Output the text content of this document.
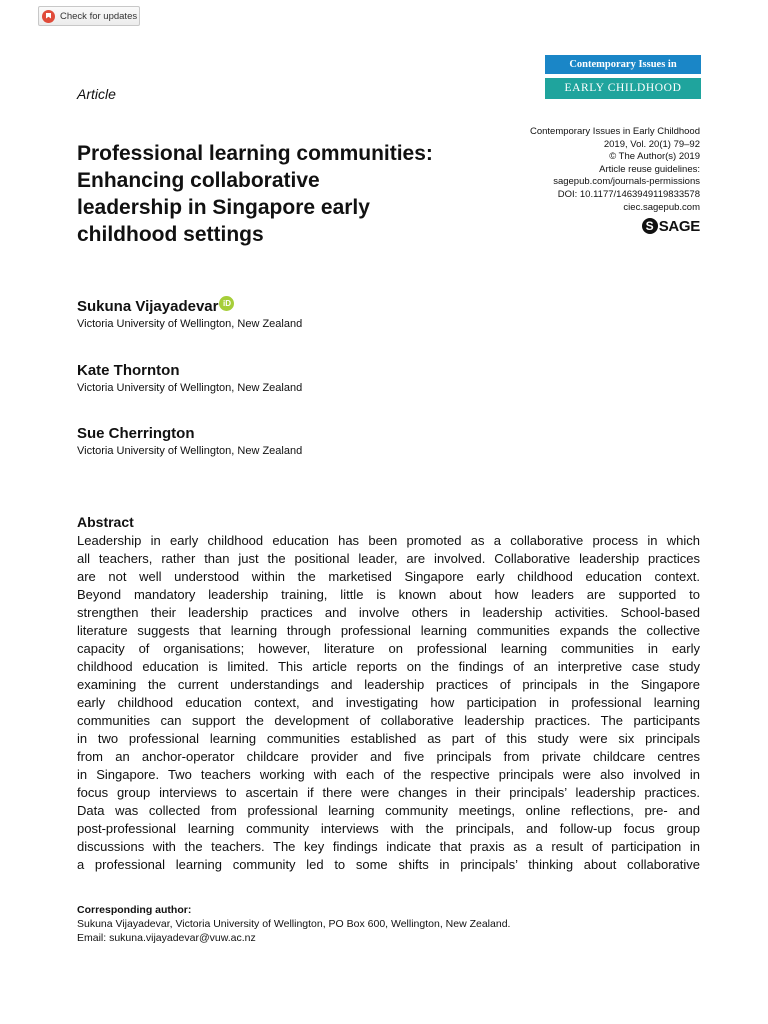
Check for updates
Contemporary Issues in
EARLY CHILDHOOD
Article
Contemporary Issues in Early Childhood
2019, Vol. 20(1) 79–92
© The Author(s) 2019
Article reuse guidelines:
sagepub.com/journals-permissions
DOI: 10.1177/1463949119833578
ciec.sagepub.com
S SAGE
Professional learning communities:
Enhancing collaborative
leadership in Singapore early
childhood settings
Sukuna Vijayadevar iD
Victoria University of Wellington, New Zealand
Kate Thornton
Victoria University of Wellington, New Zealand
Sue Cherrington
Victoria University of Wellington, New Zealand
Abstract
Leadership in early childhood education has been promoted as a collaborative process in which
all teachers, rather than just the positional leader, are involved. Collaborative leadership practices
are not well understood within the marketised Singapore early childhood education context.
Beyond mandatory leadership training, little is known about how leaders are supported to
strengthen their leadership practices and involve others in leadership activities. School-based
literature suggests that learning through professional learning communities expands the collective
capacity of organisations; however, literature on professional learning communities in early
childhood education is limited. This article reports on the findings of an interpretive case study
examining the current understandings and leadership practices of principals in the Singapore
early childhood education context, and investigating how participation in professional learning
communities can support the development of collaborative leadership practices. The participants
in two professional learning communities established as part of this study were six principals
from an anchor-operator childcare provider and five principals from private childcare centres
in Singapore. Two teachers working with each of the respective principals were also involved in
focus group interviews to ascertain if there were changes in their principals’ leadership practices.
Data was collected from professional learning community meetings, online reflections, pre- and
post-professional learning community interviews with the principals, and follow-up focus group
discussions with the teachers. The key findings indicate that praxis as a result of participation in
a professional learning community led to some shifts in principals’ thinking about collaborative
Corresponding author:
Sukuna Vijayadevar, Victoria University of Wellington, PO Box 600, Wellington, New Zealand.
Email: sukuna.vijayadevar@vuw.ac.nz
